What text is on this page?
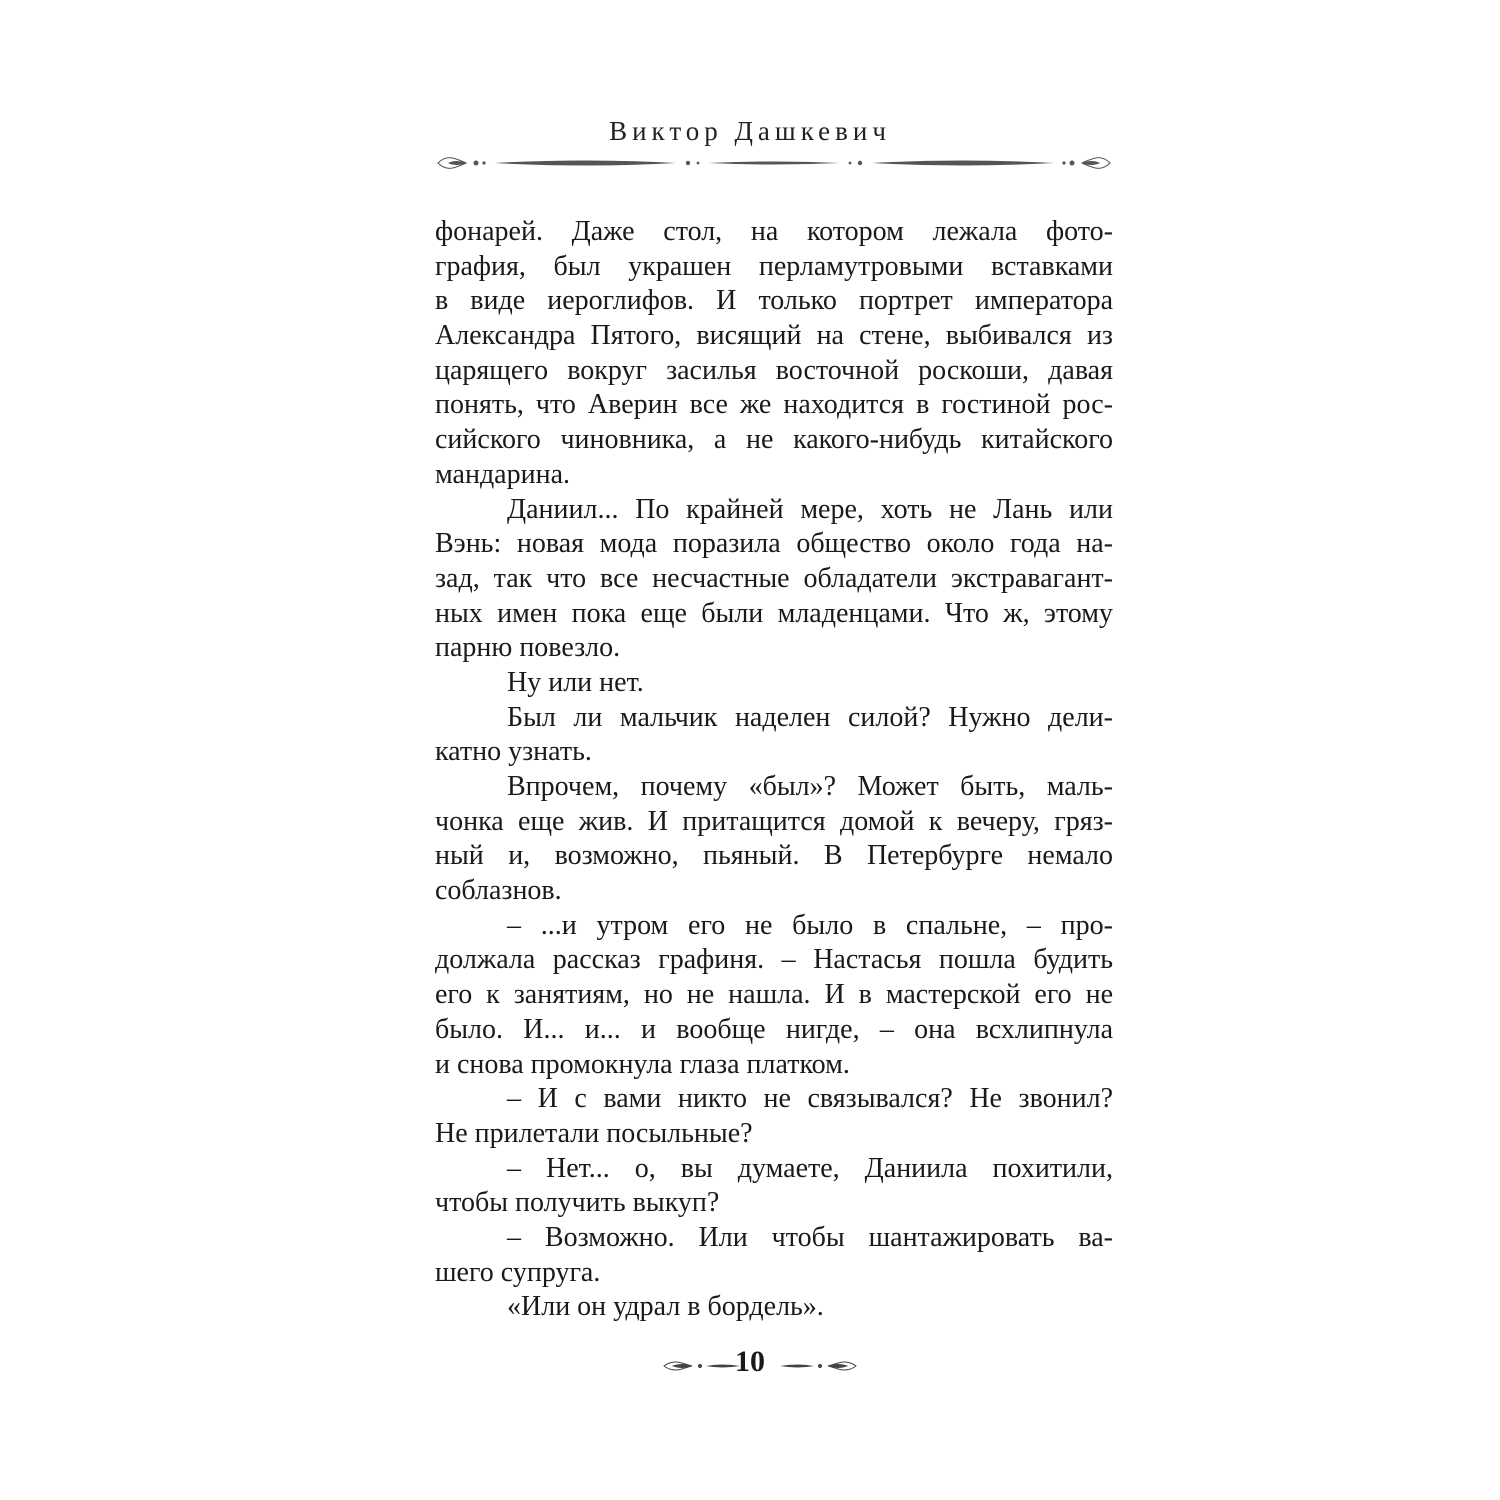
Виктор Дашкевич
фонарей. Даже стол, на котором лежала фото-
графия, был украшен перламутровыми вставками
в виде иероглифов. И только портрет императора
Александра Пятого, висящий на стене, выбивался из
царящего вокруг засилья восточной роскоши, давая
понять, что Аверин все же находится в гостиной рос-
сийского чиновника, а не какого-нибудь китайского
мандарина.
Даниил... По крайней мере, хоть не Лань или
Вэнь: новая мода поразила общество около года на-
зад, так что все несчастные обладатели экстравагант-
ных имен пока еще были младенцами. Что ж, этому
парню повезло.
Ну или нет.
Был ли мальчик наделен силой? Нужно дели-
катно узнать.
Впрочем, почему «был»? Может быть, маль-
чонка еще жив. И притащится домой к вечеру, гряз-
ный и, возможно, пьяный. В Петербурге немало
соблазнов.
– ...и утром его не было в спальне, – про-
должала рассказ графиня. – Настасья пошла будить
его к занятиям, но не нашла. И в мастерской его не
было. И... и... и вообще нигде, – она всхлипнула
и снова промокнула глаза платком.
– И с вами никто не связывался? Не звонил?
Не прилетали посыльные?
– Нет... о, вы думаете, Даниила похитили,
чтобы получить выкуп?
– Возможно. Или чтобы шантажировать ва-
шего супруга.
«Или он удрал в бордель».
10
